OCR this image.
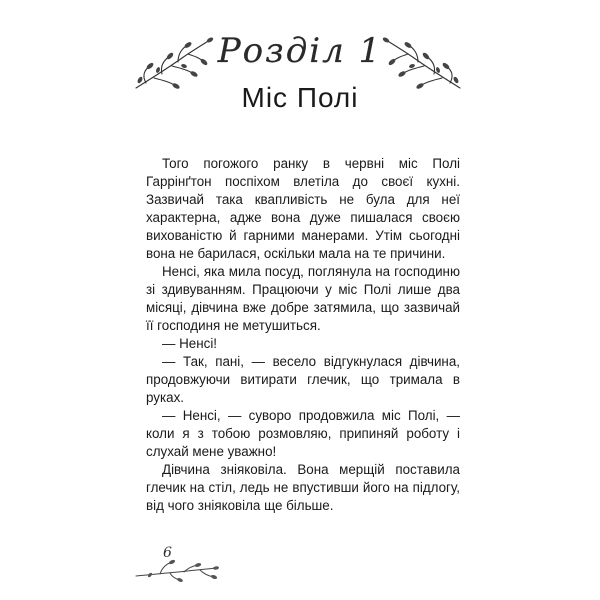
Розділ 1
Міс Полі

Того погожого ранку в червні міс Полі Гаррінґтон поспіхом влетіла до своєї кухні. Зазвичай така квапливість не була для неї характерна, адже вона дуже пишалася своєю вихованістю й гарними манерами. Утім сьогодні вона не барилася, оскільки мала на те причини.

Ненсі, яка мила посуд, поглянула на господиню зі здивуванням. Працюючи у міс Полі лише два місяці, дівчина вже добре затямила, що зазвичай її господиня не метушиться.

— Ненсі!

— Так, пані, — весело відгукнулася дівчина, продовжуючи витирати глечик, що тримала в руках.

— Ненсі, — суворо продовжила міс Полі, — коли я з тобою розмовляю, припиняй роботу і слухай мене уважно!

Дівчина зніяковіла. Вона мерщій поставила глечик на стіл, ледь не впустивши його на підлогу, від чого зніяковіла ще більше.

6
